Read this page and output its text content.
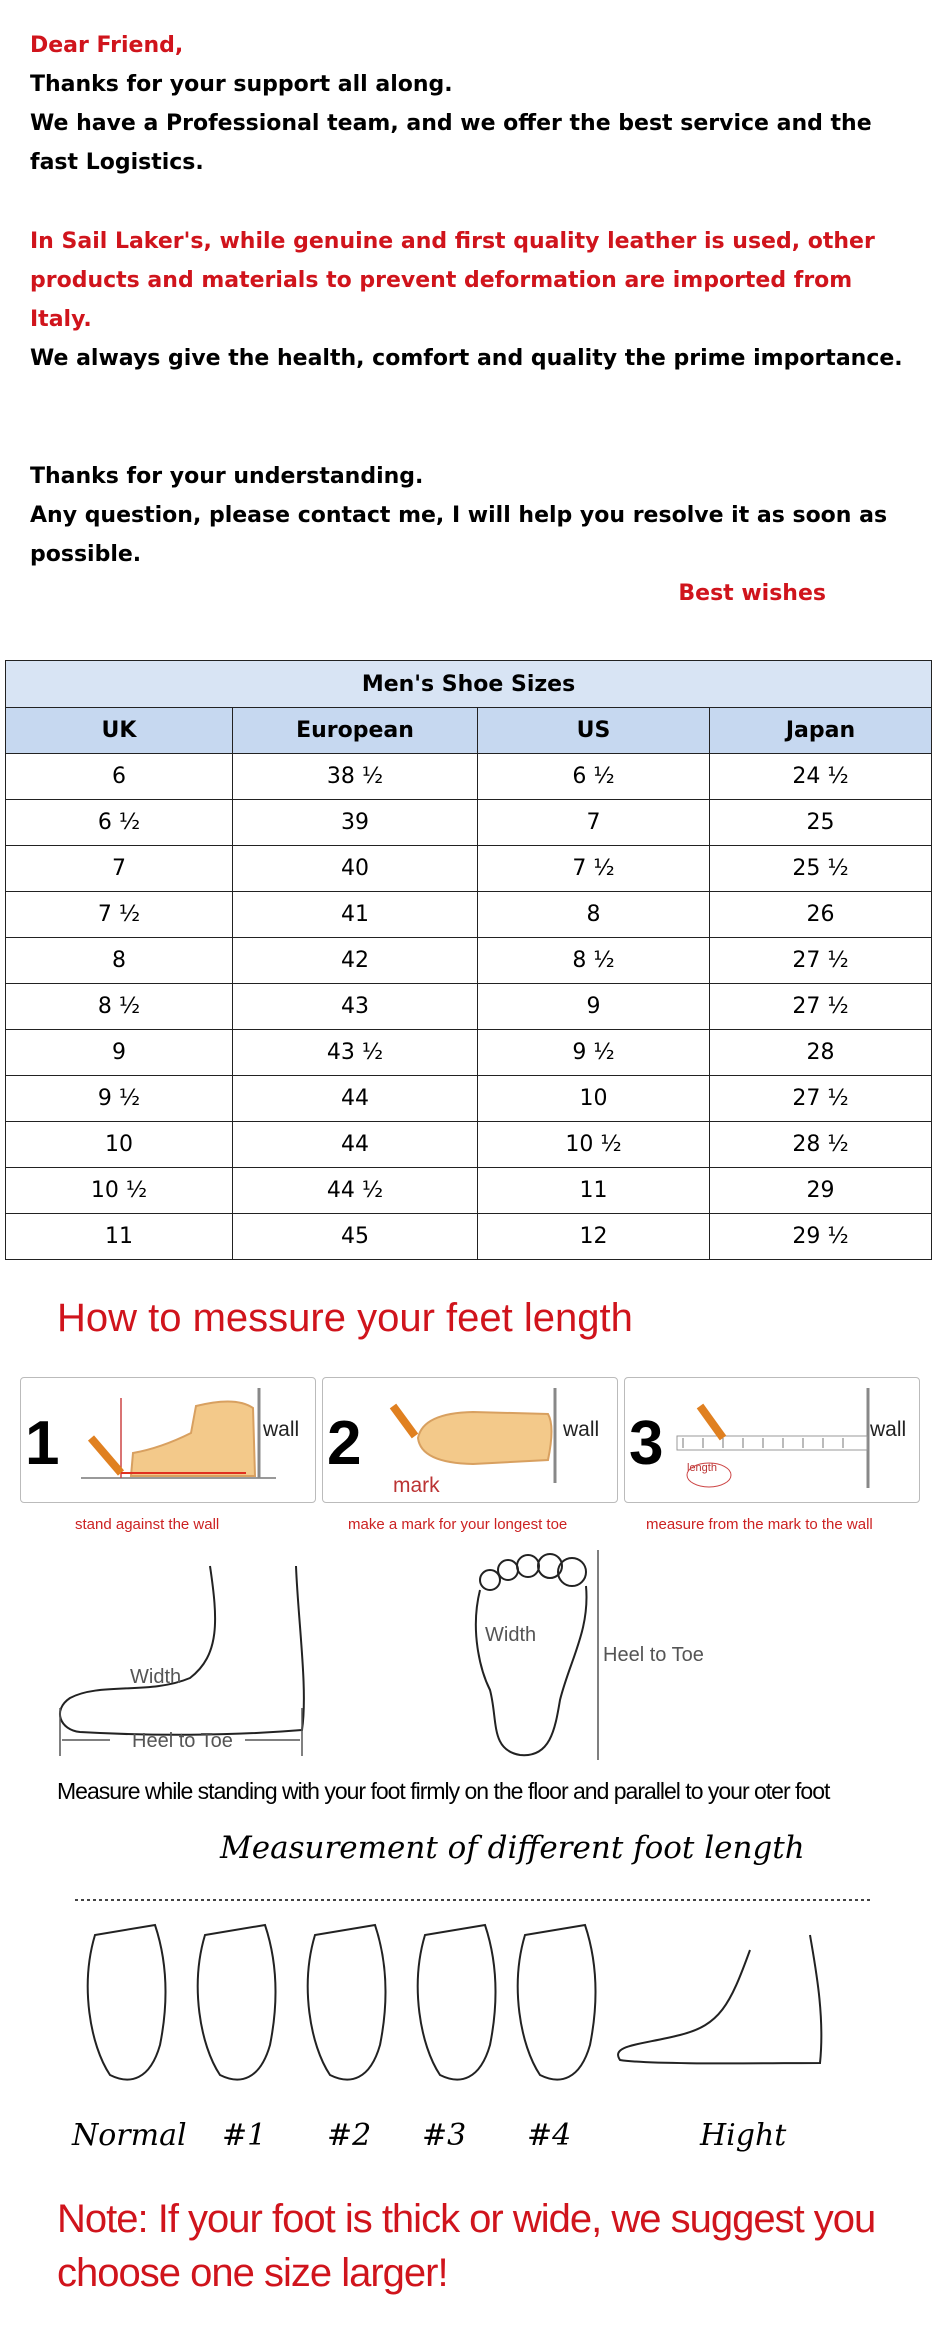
Dear Friend,

Thanks for your support all along.

We have a Professional team, and we offer the best service and the fast Logistics.

In Sail Laker's, while genuine and first quality leather is used, other products and materials to prevent deformation are imported from Italy.

We always give the health, comfort and quality the prime importance.

Thanks for your understanding.

Any question, please contact me, I will help you resolve it as soon as possible.

Best wishes

Men's Shoe Sizes			
UK	European	US	Japan
6	38 ½	6 ½	24 ½
6 ½	39	7	25
7	40	7 ½	25 ½
7 ½	41	8	26
8	42	8 ½	27 ½
8 ½	43	9	27 ½
9	43 ½	9 ½	28
9 ½	44	10	27 ½
10	44	10 ½	28 ½
10 ½	44 ½	11	29
11	45	12	29 ½
How to messure your feet length
1	wall 2	wall
mark
3	wall
length
stand against the wall	make a mark for your longest toe	measure from the mark to the wall
Width
Heel to Toe
Width
Heel to Toe
Measure while standing with your foot firmly on the floor and parallel to your oter foot
Measurement of different foot length
Normal #1 #2 #3 #4	Hight
Note: If your foot is thick or wide, we suggest you choose one size larger!
